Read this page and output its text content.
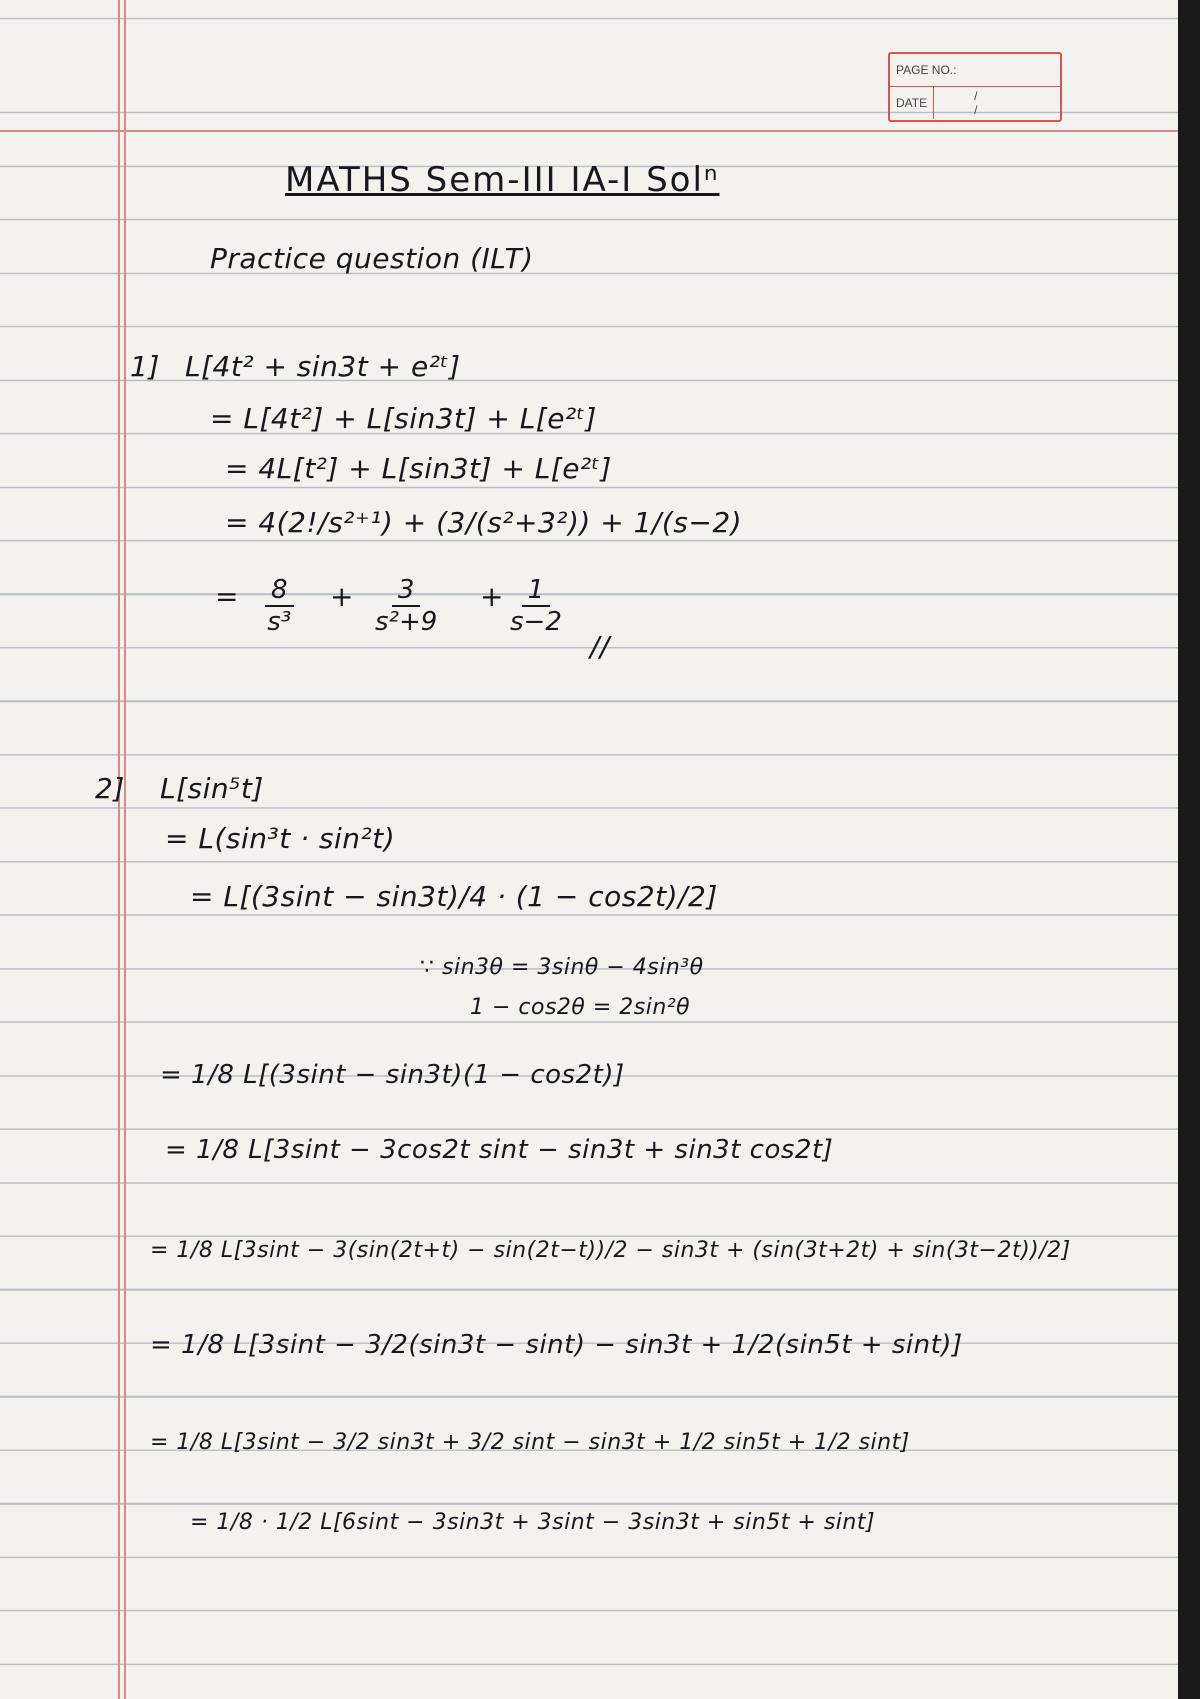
PAGE NO.:
DATE	/ /
MATHS Sem-III IA-I Solⁿ
Practice question (ILT)
1] L[4t² + sin3t + e²ᵗ]
= L[4t²] + L[sin3t] + L[e²ᵗ]
= 4L[t²] + L[sin3t] + L[e²ᵗ]
= 4(2!/s²⁺¹) + (3/(s²+3²)) + 1/(s−2)
= $\frac{8}{\text{s³}} + \frac{3}{\text{s²+9}} + \frac{1}{s-2}$
//
2] L[sin⁵t]
= L(sin³t · sin²t)
= L[(3sint − sin3t)/4 · (1 − cos2t)/2]
∵ sin3θ = 3sinθ − 4sin³θ
1 − cos2θ = 2sin²θ
= 1/8 L[(3sint − sin3t)(1 − cos2t)]
= 1/8 L[3sint − 3cos2t sint − sin3t + sin3t cos2t]
= 1/8 L[3sint − 3(sin(2t+t) − sin(2t−t))/2 − sin3t + (sin(3t+2t) + sin(3t−2t))/2]
= 1/8 L[3sint − 3/2(sin3t − sint) − sin3t + 1/2(sin5t + sint)]
= 1/8 L[3sint − 3/2 sin3t + 3/2 sint − sin3t + 1/2 sin5t + 1/2 sint]
= 1/8 · 1/2 L[6sint − 3sin3t + 3sint − 3sin3t + sin5t + sint]
